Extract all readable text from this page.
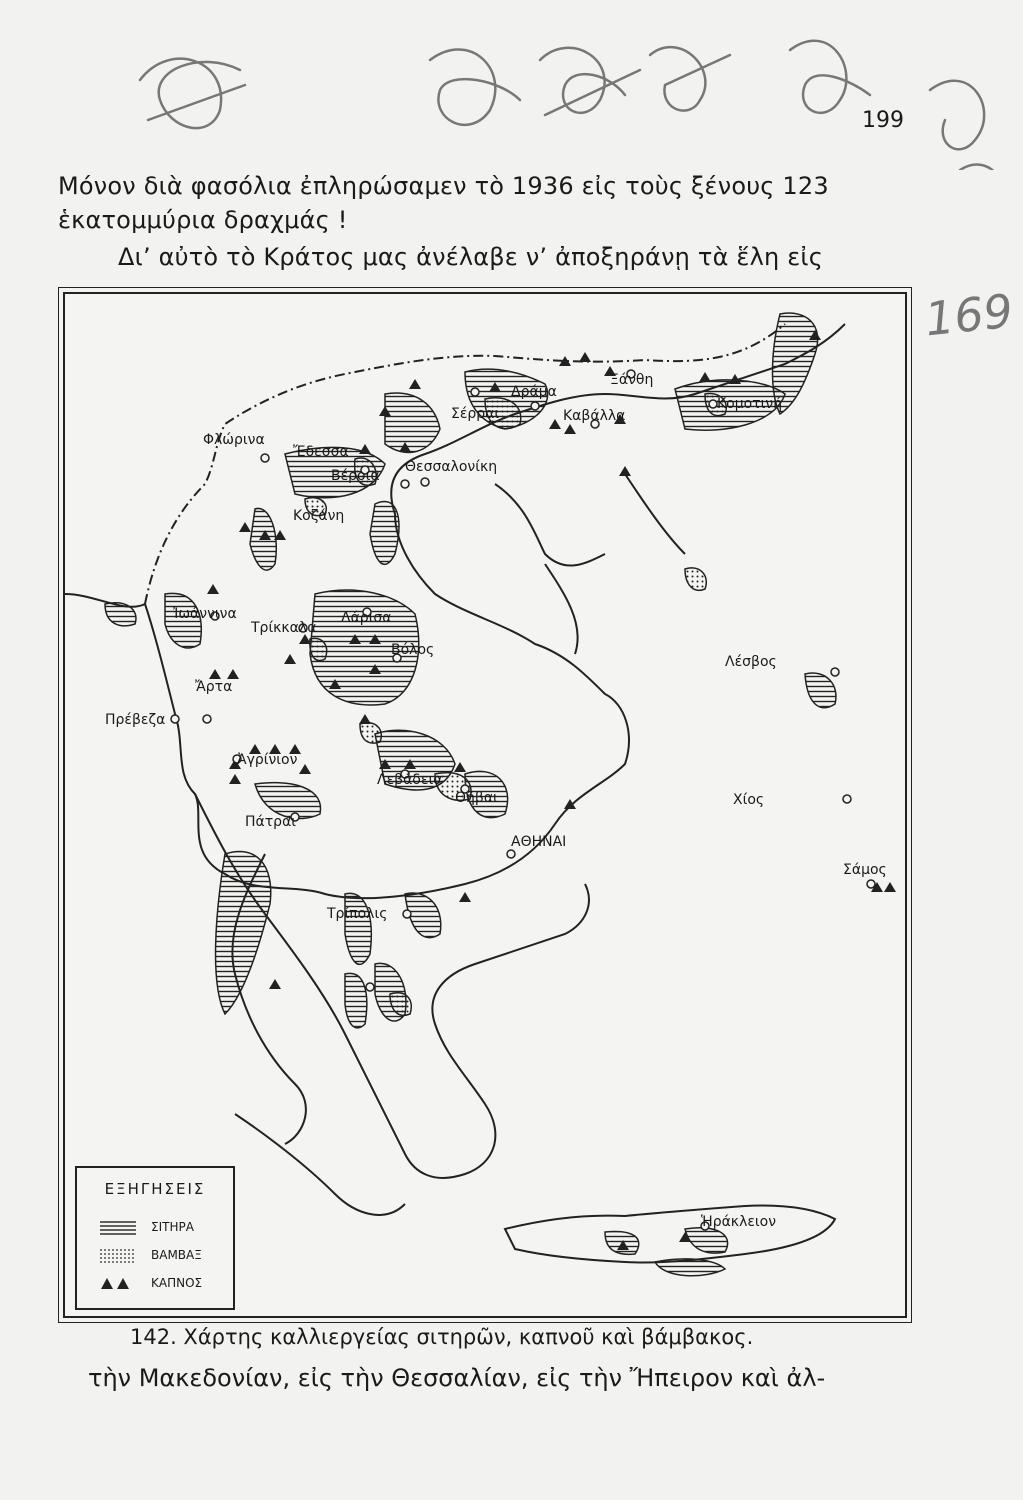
199
Μόνον διὰ φασόλια ἐπληρώσαμεν τὸ 1936 εἰς τοὺς ξένους 123
ἑκατομμύρια δραχμάς !
Δι’ αὐτὸ τὸ Κράτος μας ἀνέλαβε ν’ ἀποξηράνῃ τὰ ἕλη εἰς
169
Φλώρινα
Ἔδεσσα
Βέροια
Κοζάνη
Θεσσαλονίκη
Σέρραι
Δράμα
Καβάλλα
Ξάνθη
Κομοτινή
Ἰωάννινα
Τρίκκαλα
Λάρισα
Βόλος
Ἄρτα
Πρέβεζα
Ἀγρίνιον
Λεβάδεια
Θῆβαι
Πάτραι
ΑΘΗΝΑΙ
Τρίπολις
Λέσβος
Χίος
Σάμος
Ἡράκλειον
ΕΞΗΓΗΣΕΙΣ
ΣΙΤΗΡΑ
ΒΑΜΒΑΞ
ΚΑΠΝΟΣ
142. Χάρτης καλλιεργείας σιτηρῶν, καπνοῦ καὶ βάμβακος.
τὴν Μακεδονίαν, εἰς τὴν Θεσσαλίαν, εἰς τὴν Ἤπειρον καὶ ἀλ-
